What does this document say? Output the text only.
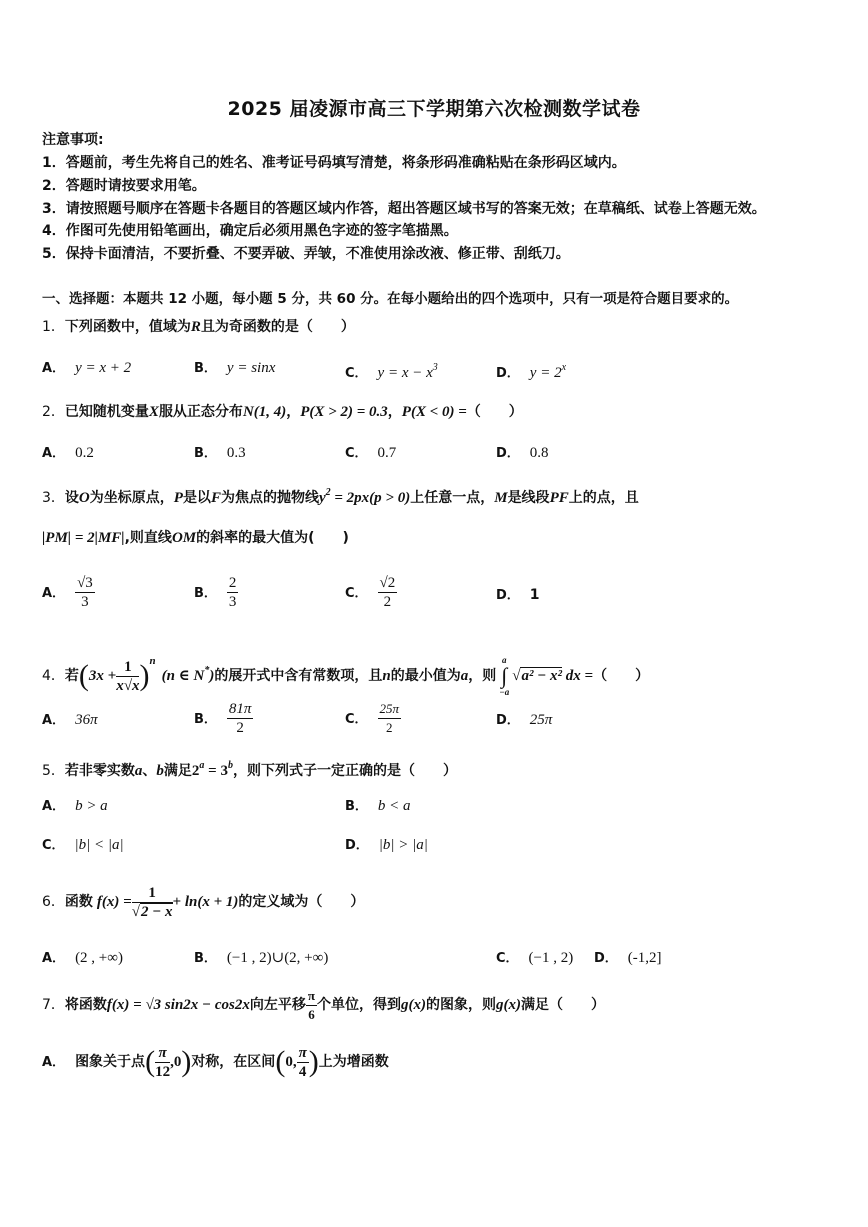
2025 届凌源市高三下学期第六次检测数学试卷
注意事项:
1．答题前，考生先将自己的姓名、准考证号码填写清楚，将条形码准确粘贴在条形码区域内。
2．答题时请按要求用笔。
3．请按照题号顺序在答题卡各题目的答题区域内作答，超出答题区域书写的答案无效；在草稿纸、试卷上答题无效。
4．作图可先使用铅笔画出，确定后必须用黑色字迹的签字笔描黑。
5．保持卡面清洁，不要折叠、不要弄破、弄皱，不准使用涂改液、修正带、刮纸刀。
一、选择题：本题共 12 小题，每小题 5 分，共 60 分。在每小题给出的四个选项中，只有一项是符合题目要求的。
1．下列函数中，值域为R且为奇函数的是（　　）
A． y = x + 2	B． y = sinx	C． $y = x - x^3$	D． $y = 2^x$
2．已知随机变量X服从正态分布N(1, 4)，P(X > 2) = 0.3，P(X < 0) =（　　）
A． 0.2	B． 0.3	C． 0.7	D． 0.8
3．设O为坐标原点，P是以F为焦点的抛物线$y^2 = 2px(p > 0)$上任意一点，M是线段PF上的点，且
|PM| = 2|MF|,则直线OM的斜率的最大值为(　　)
A． $\frac{√3}{3}$	B． $\frac{2}{3}$	C． $\frac{√2}{2}$	D． 1
4．若$(3x + \frac{1}{x√x} )^n(n$ ∈ N*)的展开式中含有常数项，且n的最小值为a，则
a
∫
−a
√a² − x² dx =（　　）
A． 36π	B． $\frac{81\pi}{2}$	C． $\frac{25\pi}{2}$	D． 25π
5．若非零实数a、b满足$2^a = 3^b$，则下列式子一定正确的是（　　）
A． b > a	B． b < a
C． |b| < |a|	D． |b| > |a|
6．函数 $f(x) = \frac{1}{√2 - x} + \ln(x + 1)$的定义域为（　　）
A． (2 , +∞)	B． (−1 , 2)∪(2, +∞)	C． (−1 , 2) D． (-1,2]
7．将函数f(x) = √3 sin2x − cos2x向左平移 $\frac{\pi}{6}$ 个单位，得到g(x)的图象，则g(x)满足（　　）
A． 图象关于点( $\frac{\pi}{12} ,0$)对称，在区间(0, $\frac{\pi}{4}$ )上为增函数
